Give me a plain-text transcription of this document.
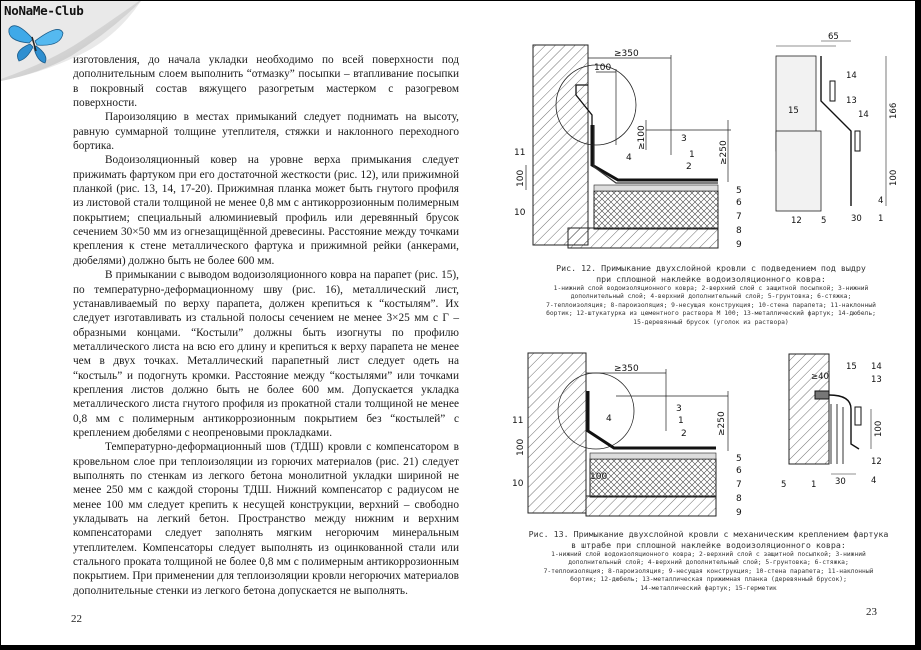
NoNaMe-Club

изготовления, до начала укладки необходимо по всей поверхности под дополнительным слоем выполнить “отмазку” посыпки – втапливание посыпки в покровный состав вяжущего разогретым мастерком с разогревом поверхности.

Пароизоляцию в местах примыканий следует поднимать на высоту, равную суммарной толщине утеплителя, стяжки и наклонного переходного бортика.

Водоизоляционный ковер на уровне верха примыкания следует прижимать фартуком при его достаточной жесткости (рис. 12), или прижимной планкой (рис. 13, 14, 17-20). Прижимная планка может быть гнутого профиля из листовой стали толщиной не менее 0,8 мм с антикоррозионным полимерным покрытием; специальный алюминиевый профиль или деревянный брусок сечением 30×50 мм из огнезащищённой древесины. Расстояние между точками крепления к стене металлического фартука и прижимной рейки (анкерами, дюбелями) должно быть не более 600 мм.

В примыкании с выводом водоизоляционного ковра на парапет (рис. 15), по температурно-деформационному шву (рис. 16), металлический лист, устанавливаемый по верху парапета, должен крепиться к “костылям”. Их следует изготавливать из стальной полосы сечением не менее 3×25 мм с Г – образными концами. “Костыли” должны быть изогнуты по профилю металлического листа на всю его длину и крепиться к верху парапета не менее чем в двух точках. Металлический парапетный лист следует одеть на “костыль” и подогнуть кромки. Расстояние между “костылями” или точками крепления листов должно быть не более 600 мм. Допускается укладка металлического листа гнутого профиля из прокатной стали толщиной не менее 0,8 мм с полимерным антикоррозионным покрытием без “костылей” с креплением дюбелями с неопреновыми прокладками.

Температурно-деформационный шов (ТДШ) кровли с компенсатором в кровельном слое при теплоизоляции из горючих материалов (рис. 21) следует выполнять по стенкам из легкого бетона монолитной укладки шириной не менее 250 мм с каждой стороны ТДШ. Нижний компенсатор с радиусом не менее 100 мм следует крепить к несущей конструкции, верхний – свободно укладывать на легкий бетон. Пространство между нижним и верхним компенсаторами следует заполнять мягким негорючим минеральным утеплителем. Компенсаторы следует выполнять из оцинкованной стали или стального проката толщиной не более 0,8 мм с полимерным антикоррозионным покрытием. При применении для теплоизоляции кровли негорючих материалов дополнительные стенки из легкого бетона допускается не выполнять.

22
≥350
100
≥100
≥250
100
1
2
3
4
5
6
7
8
9
10
11
65
166
100
30
14
13
15	14
12 5
4
1
Рис. 12. Примыкание двухслойной кровли с подведением под выдру
при сплошной наклейке водоизоляционного ковра:
1-нижний слой водоизоляционного ковра; 2-верхний слой с защитной посыпкой; 3-нижний
дополнительный слой; 4-верхний дополнительный слой; 5-грунтовка; 6-стяжка;
7-теплоизоляция; 8-пароизоляция; 9-несущая конструкция; 10-стена парапета; 11-наклонный
бортик; 12-штукатурка из цементного раствора М 100; 13-металлический фартук; 14-дюбель;
15-деревянный брусок (уголок из раствора)
≥350
≥250
100
100
1
2
3
4
5
6
7
8
9
10
11
≥40
100
30
15 14
13
12
5	1	4
Рис. 13. Примыкание двухслойной кровли с механическим креплением фартука
в штрабе при сплошной наклейке водоизоляционного ковра:
1-нижний слой водоизоляционного ковра; 2-верхний слой с защитной посыпкой; 3-нижний
дополнительный слой; 4-верхний дополнительный слой; 5-грунтовка; 6-стяжка;
7-теплоизоляция; 8-пароизоляция; 9-несущая конструкция; 10-стена парапета; 11-наклонный
бортик; 12-дюбель; 13-металлическая прижимная планка (деревянный брусок);
14-металлический фартук; 15-герметик
23
